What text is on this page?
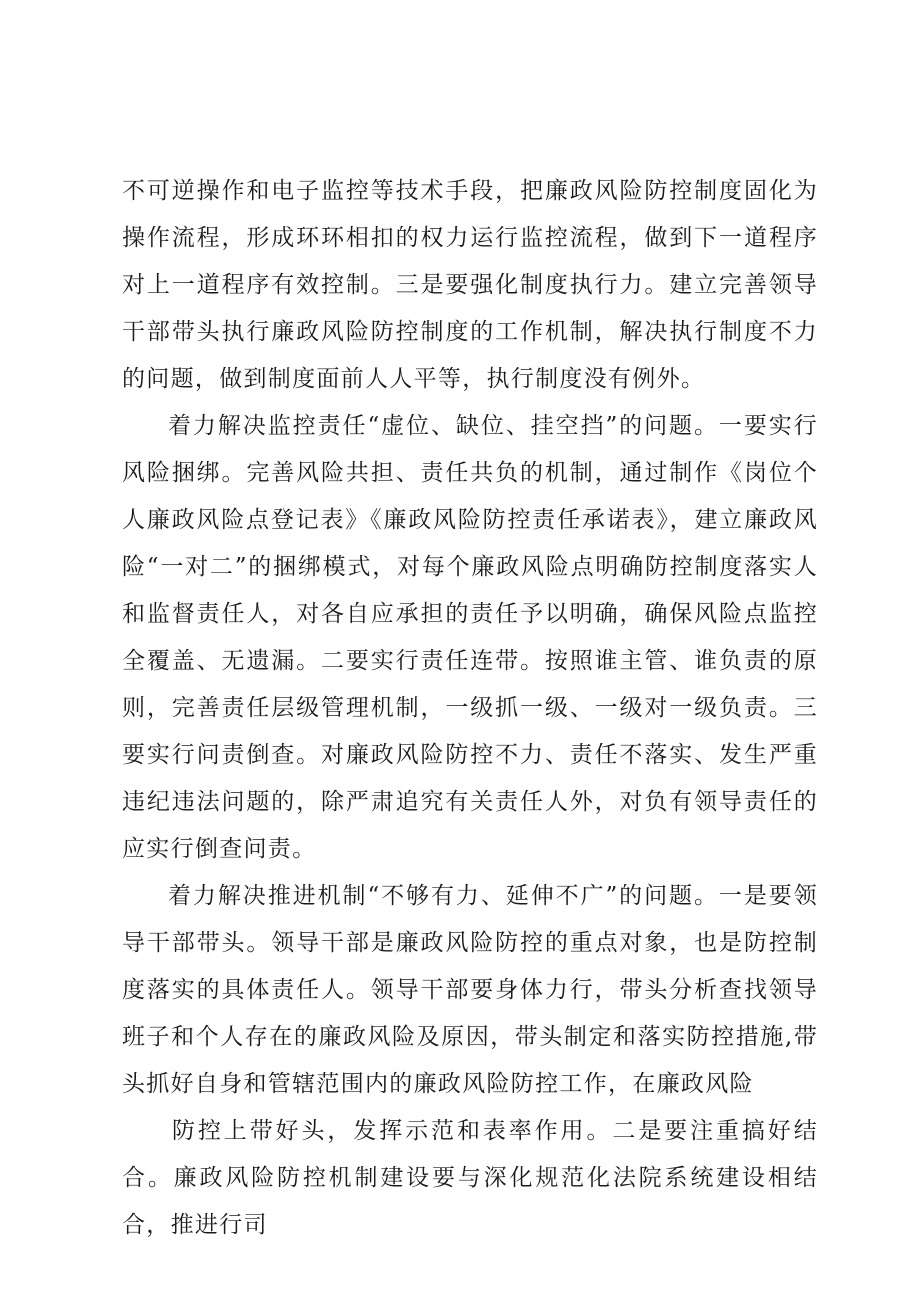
不可逆操作和电子监控等技术手段，把廉政风险防控制度固化为操作流程，形成环环相扣的权力运行监控流程，做到下一道程序对上一道程序有效控制。三是要强化制度执行力。建立完善领导干部带头执行廉政风险防控制度的工作机制，解决执行制度不力的问题，做到制度面前人人平等，执行制度没有例外。

着力解决监控责任“虚位、缺位、挂空挡”的问题。一要实行风险捆绑。完善风险共担、责任共负的机制，通过制作《岗位个人廉政风险点登记表》《廉政风险防控责任承诺表》，建立廉政风险“一对二”的捆绑模式，对每个廉政风险点明确防控制度落实人和监督责任人，对各自应承担的责任予以明确，确保风险点监控全覆盖、无遗漏。二要实行责任连带。按照谁主管、谁负责的原则，完善责任层级管理机制，一级抓一级、一级对一级负责。三要实行问责倒查。对廉政风险防控不力、责任不落实、发生严重违纪违法问题的，除严肃追究有关责任人外，对负有领导责任的应实行倒查问责。

着力解决推进机制“不够有力、延伸不广”的问题。一是要领导干部带头。领导干部是廉政风险防控的重点对象，也是防控制度落实的具体责任人。领导干部要身体力行，带头分析查找领导班子和个人存在的廉政风险及原因，带头制定和落实防控措施,带头抓好自身和管辖范围内的廉政风险防控工作，在廉政风险

防控上带好头，发挥示范和表率作用。二是要注重搞好结合。廉政风险防控机制建设要与深化规范化法院系统建设相结合，推进行司
